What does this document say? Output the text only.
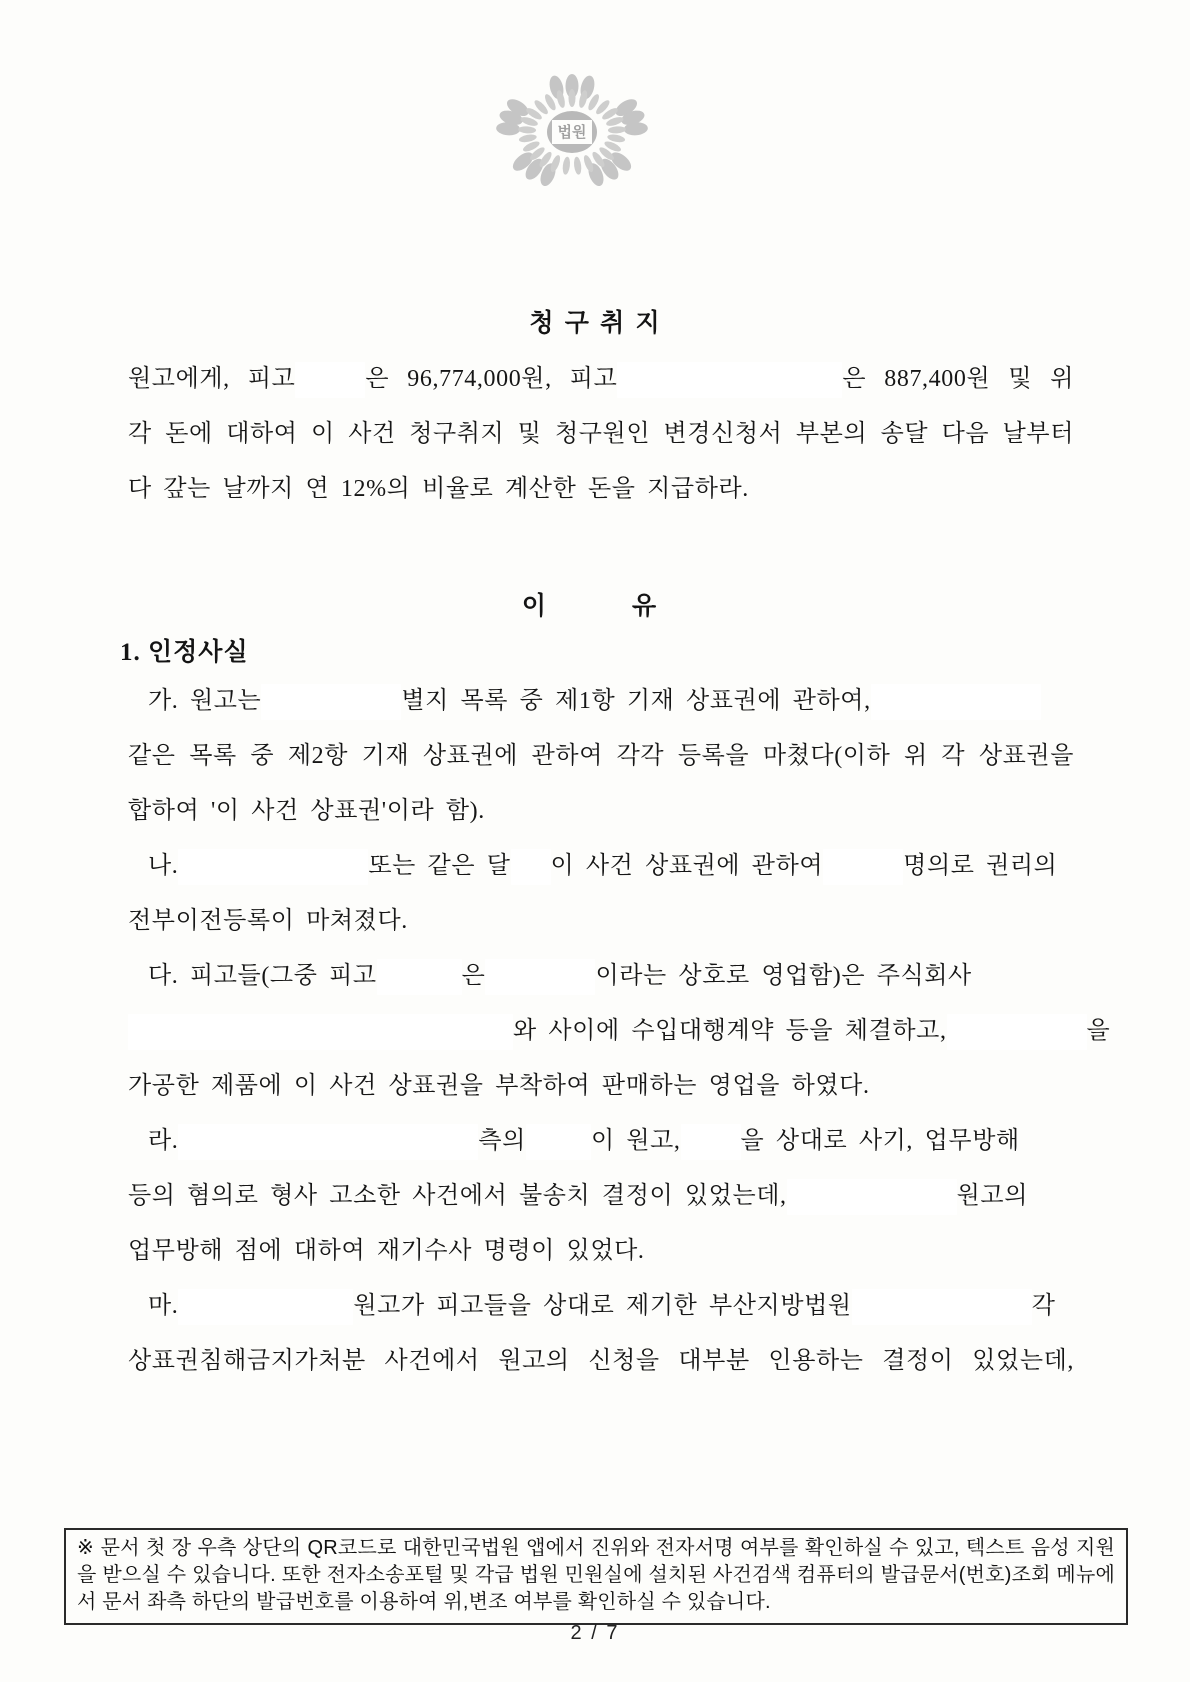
법원
청 구 취 지
원고에게, 피고	은 96,774,000원, 피고	은 887,400원 및 위
각 돈에 대하여 이 사건 청구취지 및 청구원인 변경신청서 부본의 송달 다음 날부터
다 갚는 날까지 연 12%의 비율로 계산한 돈을 지급하라.
이　　유
1. 인정사실
가. 원고는	별지 목록 중 제1항 기재 상표권에 관하여,
같은 목록 중 제2항 기재 상표권에 관하여 각각 등록을 마쳤다(이하 위 각 상표권을
합하여 '이 사건 상표권'이라 함).
나.	또는 같은 달 이 사건 상표권에 관하여	명의로 권리의
전부이전등록이 마쳐졌다.
다. 피고들(그중 피고	은	이라는 상호로 영업함)은 주식회사
와 사이에 수입대행계약 등을 체결하고,	을
가공한 제품에 이 사건 상표권을 부착하여 판매하는 영업을 하였다.
라.	측의	이 원고,	을 상대로 사기, 업무방해
등의 혐의로 형사 고소한 사건에서 불송치 결정이 있었는데,	원고의
업무방해 점에 대하여 재기수사 명령이 있었다.
마.	원고가 피고들을 상대로 제기한 부산지방법원	각
상표권침해금지가처분 사건에서 원고의 신청을 대부분 인용하는 결정이 있었는데,

※ 문서 첫 장 우측 상단의 QR코드로 대한민국법원 앱에서 진위와 전자서명 여부를 확인하실 수 있고, 텍스트 음성 지원을 받으실 수 있습니다. 또한 전자소송포털 및 각급 법원 민원실에 설치된 사건검색 컴퓨터의 발급문서(번호)조회 메뉴에서 문서 좌측 하단의 발급번호를 이용하여 위,변조 여부를 확인하실 수 있습니다.

2 / 7
